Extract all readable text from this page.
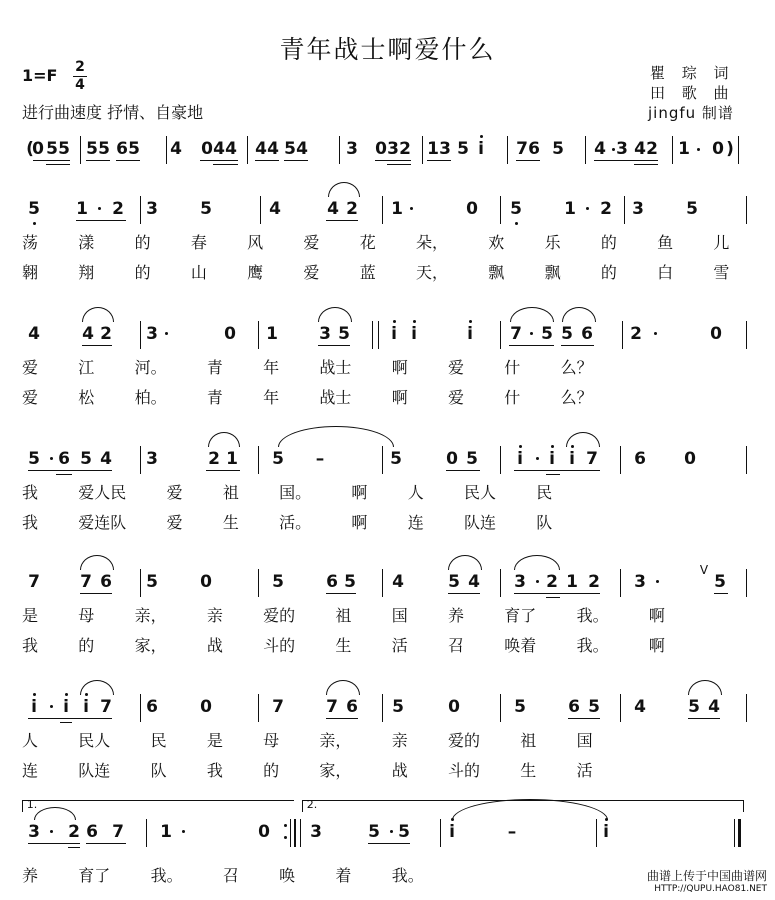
青年战士啊爱什么
1=F 2
4
进行曲速度 抒情、自豪地
瞿 琮 词
田 歌 曲
jingfu 制谱
(
0 5 5 5 5 6 5 4 0 4 4 4 4 5 4 3 0 3 2 1 3 5 i 7 6 5 4 3 4 2 1 0 )
5 1 2 3 5	4	4 2 1	0 5 1 2 3 5
荡 漾 的 春 风 爱 花 朵， 欢 乐 的 鱼 儿
翱 翔 的 山 鹰 爱 蓝 天， 飘 飘 的 白 雪
4 4 2 3	0 1 3 5 i i	i 7 5 5 6 2	0
爱 江 河。 青 年 战士 啊 爱 什 么？
爱 松 柏。 青 年 战士 啊 爱 什 么？
5 6 5 4 3	2 1 5 –	5	0 5 i i i 7 6 0
我 爱人民 爱 祖 国。 啊 人 民人 民
我 爱连队 爱 生 活。 啊 连 队连 队
7 7 6 5 0	5 6 5 4	5 4 3 2 1 2 3	5
是 母 亲， 亲 爱的 祖 国 养 育了 我。 啊
我 的 家， 战 斗的 生 活 召 唤着 我。 啊
V
i i i 7 6 0	7 7 6 5	0	5 6 5 4 5 4
人 民人 民 是 母 亲， 亲 爱的 祖 国
连 队连 队 我 的 家， 战 斗的 生 活
3 2 6 7 1	0 3	5 5 i	–	i
养 育了 我。 召 唤 着 我。
1.	2.
曲谱上传于中国曲谱网
HTTP://QUPU.HAO81.NET
